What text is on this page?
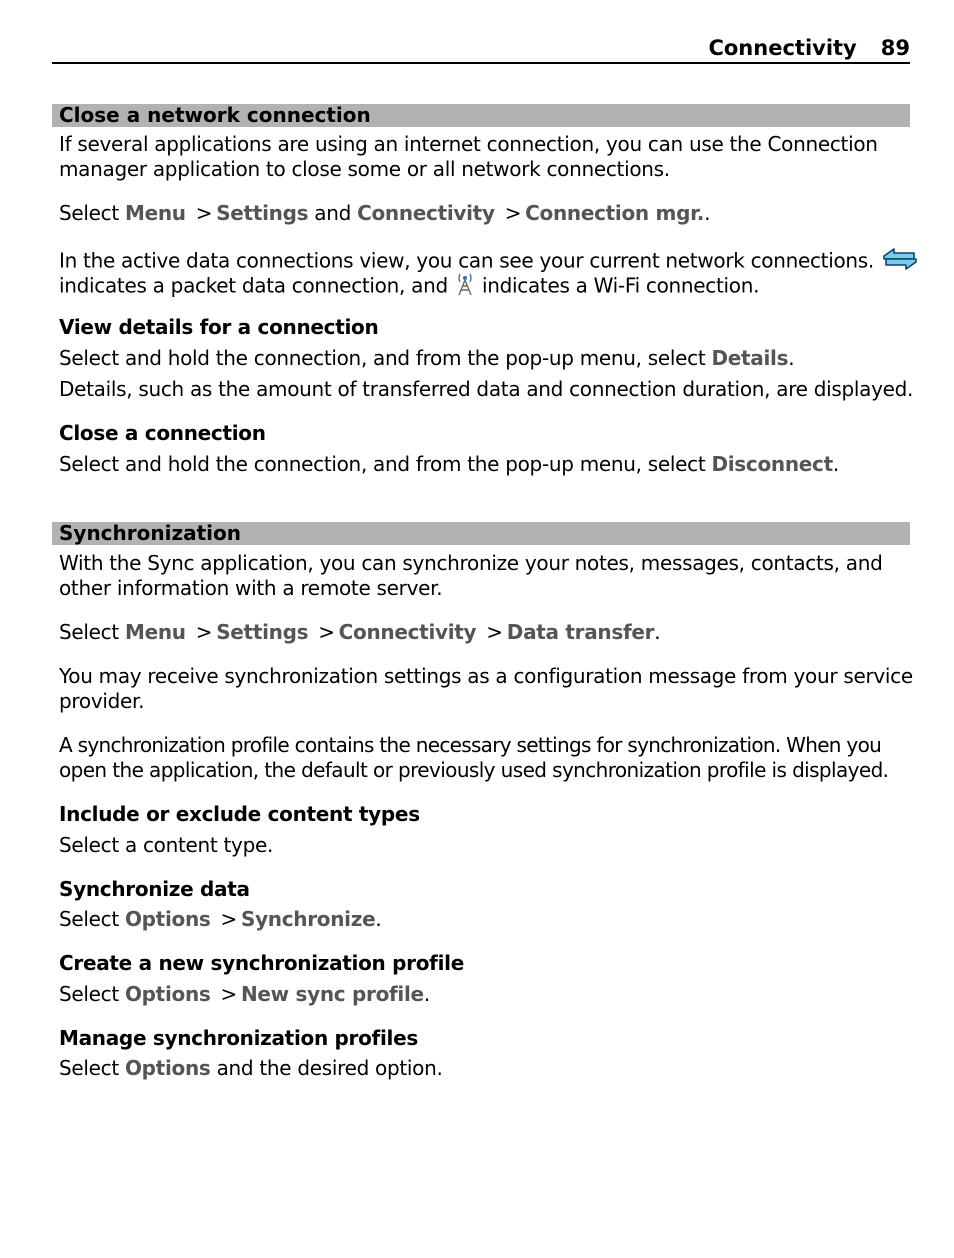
Connectivity 89
Close a network connection
If several applications are using an internet connection, you can use the Connection
manager application to close some or all network connections.
Select Menu > Settings and Connectivity > Connection mgr..
In the active data connections view, you can see your current network connections.
indicates a packet data connection, and indicates a Wi-Fi connection.
View details for a connection
Select and hold the connection, and from the pop-up menu, select Details.
Details, such as the amount of transferred data and connection duration, are displayed.
Close a connection
Select and hold the connection, and from the pop-up menu, select Disconnect.
Synchronization
With the Sync application, you can synchronize your notes, messages, contacts, and
other information with a remote server.
Select Menu > Settings > Connectivity > Data transfer.
You may receive synchronization settings as a configuration message from your service
provider.
A synchronization profile contains the necessary settings for synchronization. When you
open the application, the default or previously used synchronization profile is displayed.
Include or exclude content types
Select a content type.
Synchronize data
Select Options > Synchronize.
Create a new synchronization profile
Select Options > New sync profile.
Manage synchronization profiles
Select Options and the desired option.
